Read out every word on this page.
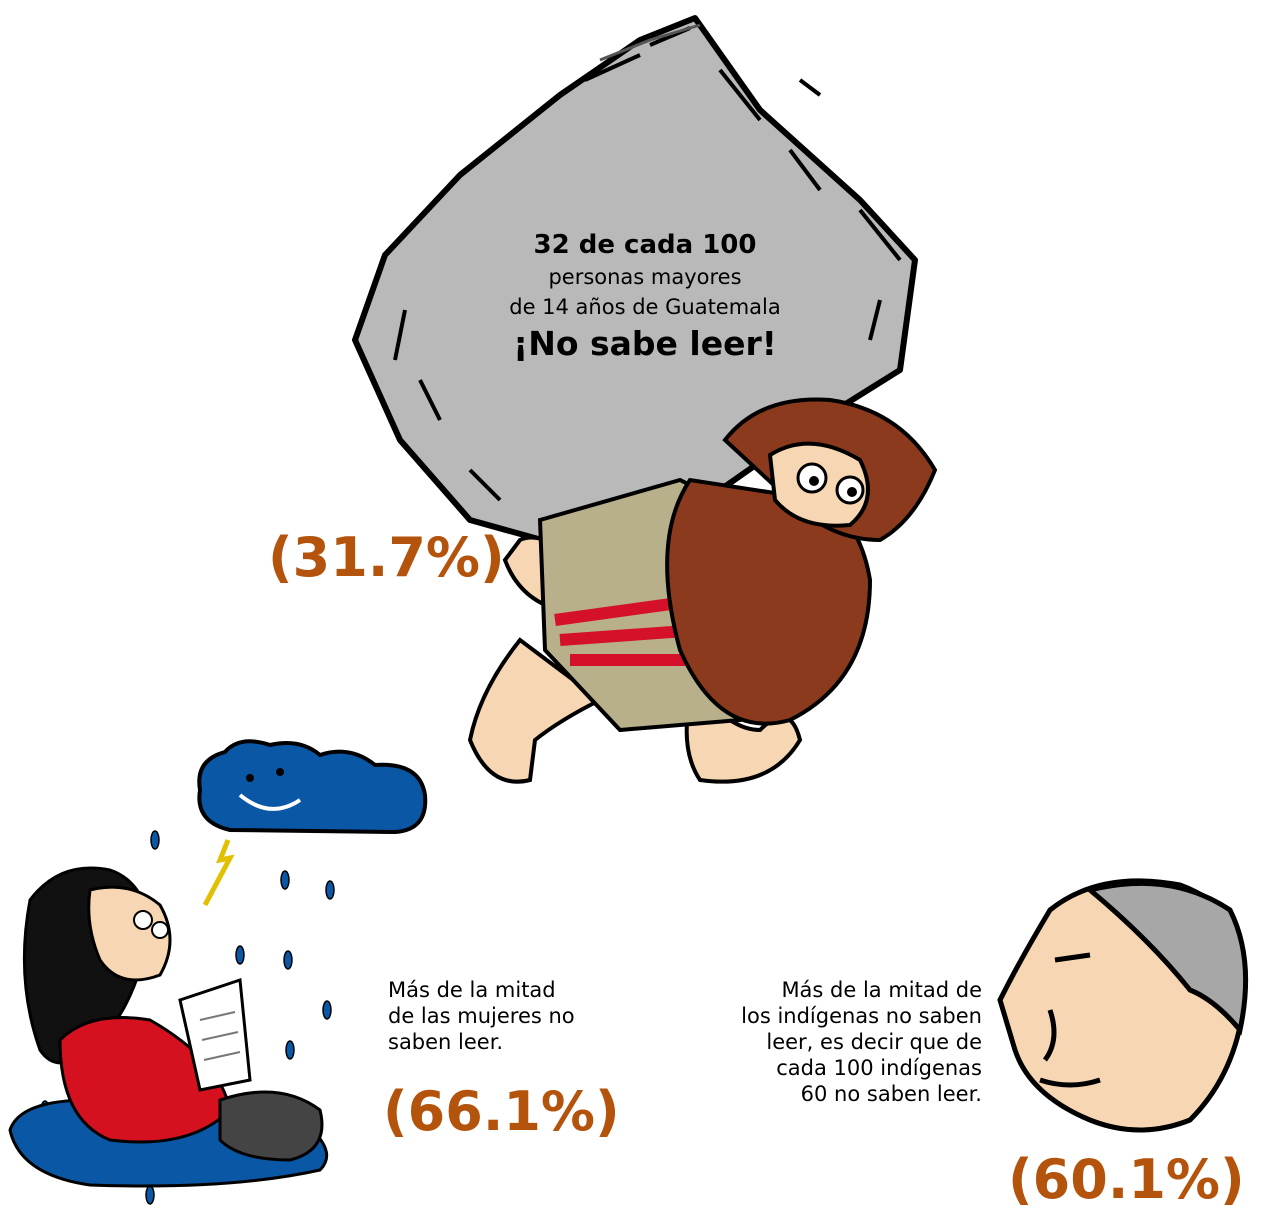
32 de cada 100
personas mayores
de 14 años de Guatemala
¡No sabe leer!
(31.7%)
(66.1%)
(60.1%)
Más de la mitad
de las mujeres no
saben leer.
Más de la mitad de
los indígenas no saben
leer, es decir que de
cada 100 indígenas
60 no saben leer.
